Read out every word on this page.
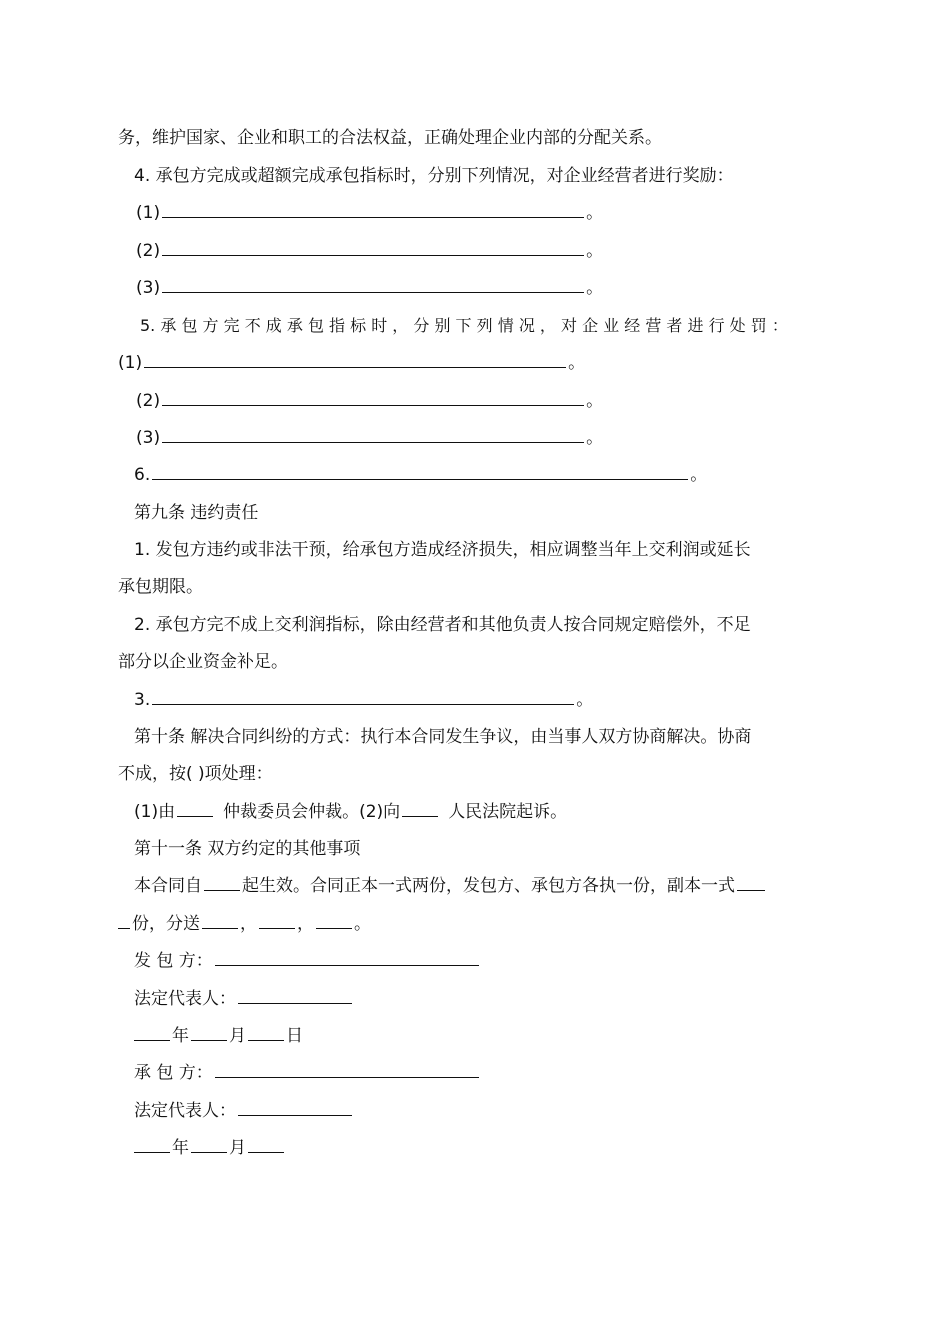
务，维护国家、企业和职工的合法权益，正确处理企业内部的分配关系。
4. 承包方完成或超额完成承包指标时，分别下列情况，对企业经营者进行奖励：
(1)	。
(2)	。
(3)	。
5. 承 包 方 完 不 成 承 包 指 标 时 ， 分 别 下 列 情 况 ， 对 企 业 经 营 者 进 行 处 罚 ：
(1)	。
(2)	。
(3)	。
6.	。
第九条 违约责任
1. 发包方违约或非法干预，给承包方造成经济损失，相应调整当年上交利润或延长
承包期限。
2. 承包方完不成上交利润指标，除由经营者和其他负责人按合同规定赔偿外，不足
部分以企业资金补足。
3.	。
第十条 解决合同纠纷的方式：执行本合同发生争议，由当事人双方协商解决。协商
不成，按( )项处理：
(1)由	仲裁委员会仲裁。(2)向	人民法院起诉。
第十一条 双方约定的其他事项
本合同自 起生效。合同正本一式两份，发包方、承包方各执一份，副本一式
份，分送 ， ， 。
发 包 方：
法定代表人：
年 月 日
承 包 方：
法定代表人：
年 月
